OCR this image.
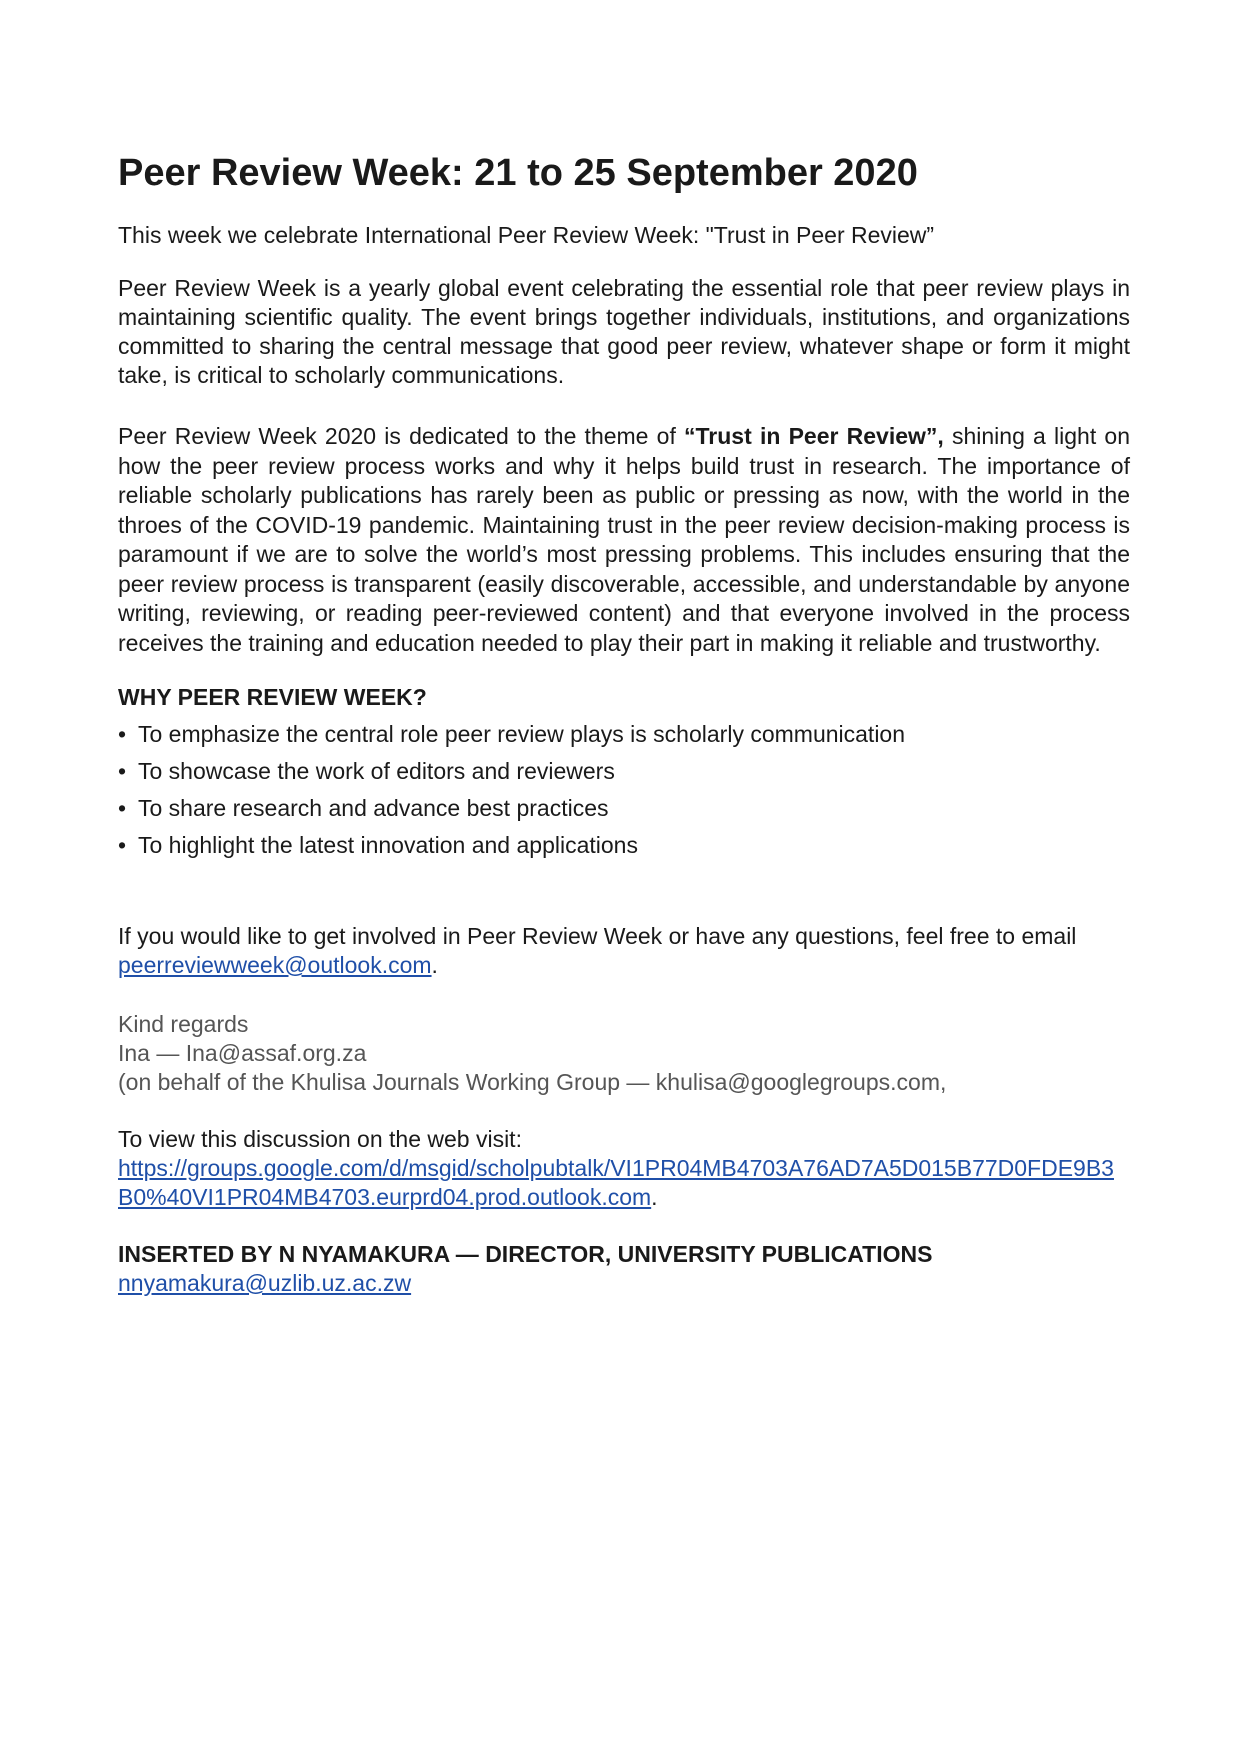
Peer Review Week: 21 to 25 September 2020

This week we celebrate International Peer Review Week: "Trust in Peer Review”

Peer Review Week is a yearly global event celebrating the essential role that peer review plays in maintaining scientific quality. The event brings together individuals, institutions, and organizations committed to sharing the central message that good peer review, whatever shape or form it might take, is critical to scholarly communications.

Peer Review Week 2020 is dedicated to the theme of “Trust in Peer Review”, shining a light on how the peer review process works and why it helps build trust in research. The importance of reliable scholarly publications has rarely been as public or pressing as now, with the world in the throes of the COVID-19 pandemic. Maintaining trust in the peer review decision-making process is paramount if we are to solve the world’s most pressing problems. This includes ensuring that the peer review process is transparent (easily discoverable, accessible, and understandable by anyone writing, reviewing, or reading peer-reviewed content) and that everyone involved in the process receives the training and education needed to play their part in making it reliable and trustworthy.

WHY PEER REVIEW WEEK?
• To emphasize the central role peer review plays is scholarly communication
• To showcase the work of editors and reviewers
• To share research and advance best practices
• To highlight the latest innovation and applications

If you would like to get involved in Peer Review Week or have any questions, feel free to email peerreviewweek@outlook.com.

Kind regards
Ina — Ina@assaf.org.za
(on behalf of the Khulisa Journals Working Group — khulisa@googlegroups.com,
To view this discussion on the web visit:
https://groups.google.com/d/msgid/scholpubtalk/VI1PR04MB4703A76AD7A5D015B77D0FDE9B3B0%40VI1PR04MB4703.eurprd04.prod.outlook.com.
INSERTED BY N NYAMAKURA — DIRECTOR, UNIVERSITY PUBLICATIONS
nnyamakura@uzlib.uz.ac.zw
